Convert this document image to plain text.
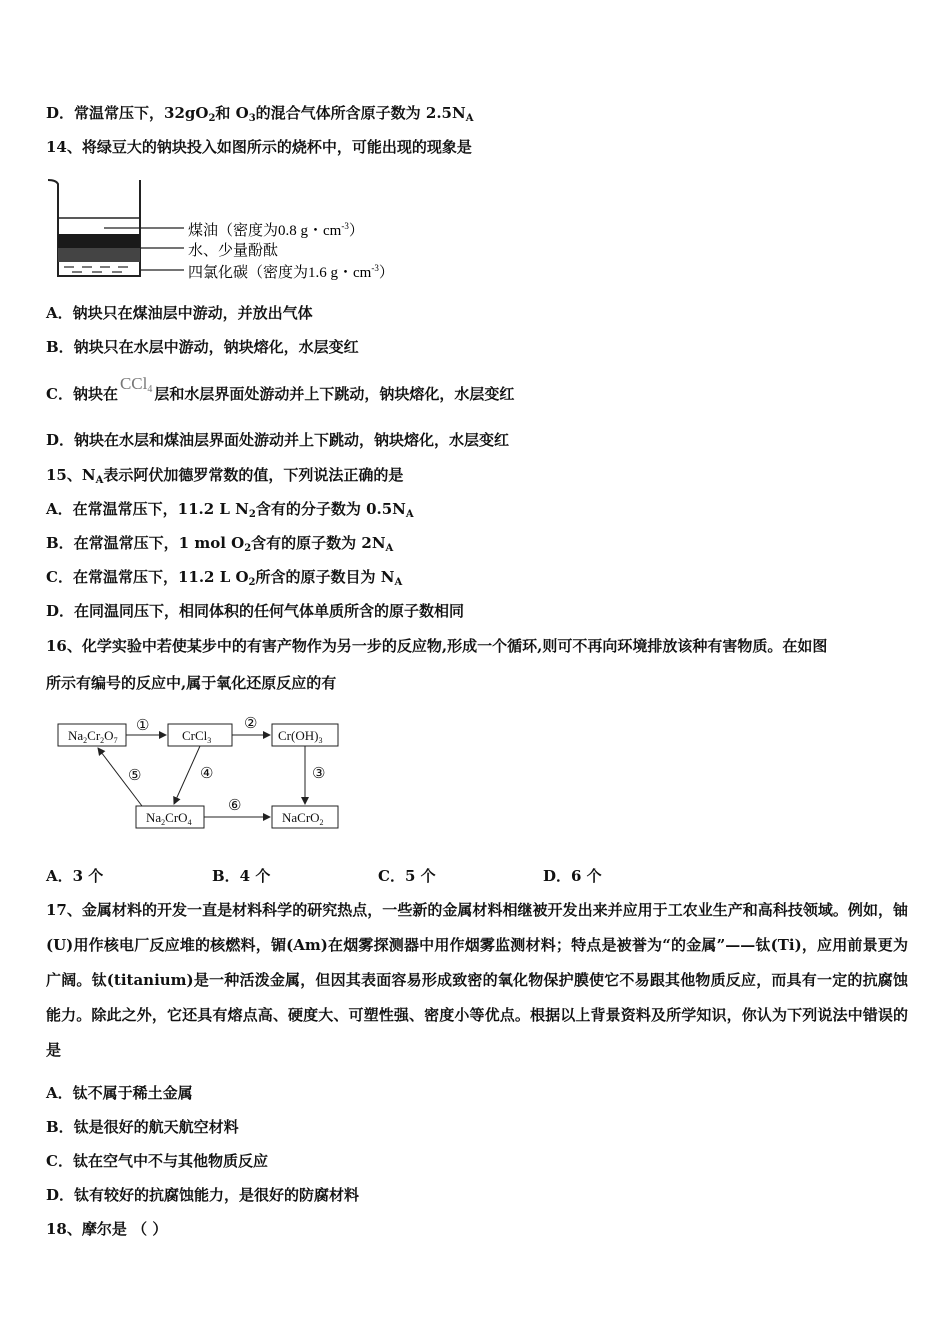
D．常温常压下，$32gO_2$和 $O_3$的混合气体所含原子数为 $2.5N_A$
14、将绿豆大的钠块投入如图所示的烧杯中，可能出现的现象是
煤油（密度为0.8 g・$cm^{-3}$）
水、少量酚酞
四氯化碳（密度为1.6 g・$cm^{-3}$）
A．钠块只在煤油层中游动，并放出气体
B．钠块只在水层中游动，钠块熔化，水层变红
C．钠块在CCl$_4$ 层和水层界面处游动并上下跳动，钠块熔化，水层变红
D．钠块在水层和煤油层界面处游动并上下跳动，钠块熔化，水层变红
15、$N_A$表示阿伏加德罗常数的值，下列说法正确的是
A．在常温常压下，11.2 L $N_2$含有的分子数为 $0.5N_A$
B．在常温常压下，1 mol $O_2$含有的原子数为 $2N_A$
C．在常温常压下，11.2 L $O_2$所含的原子数目为 $N_A$
D．在同温同压下，相同体积的任何气体单质所含的原子数相同
16、化学实验中若使某步中的有害产物作为另一步的反应物,形成一个循环,则可不再向环境排放该种有害物质。在如图
所示有编号的反应中,属于氧化还原反应的有
$Na_2Cr_2O_7$	CrCl$_3$	$Cr(OH)_3$
$Na_2CrO_4$	NaCrO$_2$
①	②
③
④
⑤
⑥
A．3 个	B．4 个	C．5 个	D．6 个
17、金属材料的开发一直是材料科学的研究热点，一些新的金属材料相继被开发出来并应用于工农业生产和高科技领域。例如，铀(U)用作核电厂反应堆的核燃料，镅(Am)在烟雾探测器中用作烟雾监测材料；特点是被誉为“的金属”——钛(Ti)，应用前景更为广阔。钛(titanium)是一种活泼金属，但因其表面容易形成致密的氧化物保护膜使它不易跟其他物质反应，而具有一定的抗腐蚀能力。除此之外，它还具有熔点高、硬度大、可塑性强、密度小等优点。根据以上背景资料及所学知识，你认为下列说法中错误的是
A．钛不属于稀土金属
B．钛是很好的航天航空材料
C．钛在空气中不与其他物质反应
D．钛有较好的抗腐蚀能力，是很好的防腐材料
18、摩尔是 （ ）
